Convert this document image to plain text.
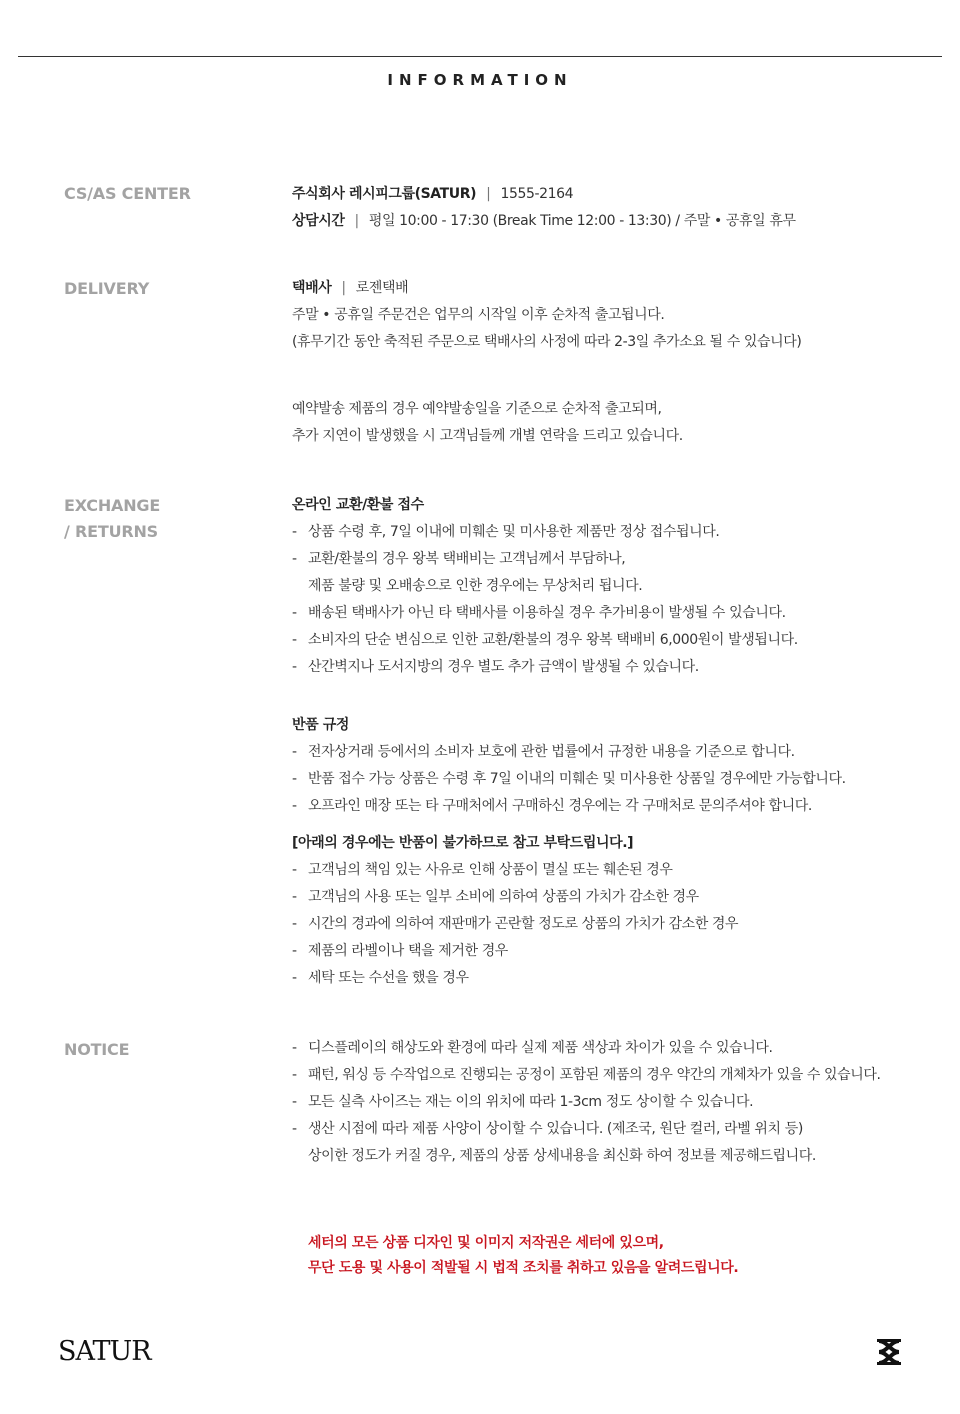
INFORMATION
CS/AS CENTER	주식회사 레시피그룹(SATUR) | 1555-2164
상담시간 | 평일 10:00 - 17:30 (Break Time 12:00 - 13:30) / 주말 • 공휴일 휴무
DELIVERY	택배사 | 로젠택배
주말 • 공휴일 주문건은 업무의 시작일 이후 순차적 출고됩니다.
(휴무기간 동안 축적된 주문으로 택배사의 사정에 따라 2-3일 추가소요 될 수 있습니다)
예약발송 제품의 경우 예약발송일을 기준으로 순차적 출고되며,
추가 지연이 발생했을 시 고객님들께 개별 연락을 드리고 있습니다.
EXCHANGE
/ RETURNS
온라인 교환/환불 접수
- 상품 수령 후, 7일 이내에 미훼손 및 미사용한 제품만 정상 접수됩니다.
- 교환/환불의 경우 왕복 택배비는 고객님께서 부담하나,
제품 불량 및 오배송으로 인한 경우에는 무상처리 됩니다.
- 배송된 택배사가 아닌 타 택배사를 이용하실 경우 추가비용이 발생될 수 있습니다.
- 소비자의 단순 변심으로 인한 교환/환불의 경우 왕복 택배비 6,000원이 발생됩니다.
- 산간벽지나 도서지방의 경우 별도 추가 금액이 발생될 수 있습니다.
반품 규정
- 전자상거래 등에서의 소비자 보호에 관한 법률에서 규정한 내용을 기준으로 합니다.
- 반품 접수 가능 상품은 수령 후 7일 이내의 미훼손 및 미사용한 상품일 경우에만 가능합니다.
- 오프라인 매장 또는 타 구매처에서 구매하신 경우에는 각 구매처로 문의주셔야 합니다.
[아래의 경우에는 반품이 불가하므로 참고 부탁드립니다.]
- 고객님의 책임 있는 사유로 인해 상품이 멸실 또는 훼손된 경우
- 고객님의 사용 또는 일부 소비에 의하여 상품의 가치가 감소한 경우
- 시간의 경과에 의하여 재판매가 곤란할 정도로 상품의 가치가 감소한 경우
- 제품의 라벨이나 택을 제거한 경우
- 세탁 또는 수선을 했을 경우
NOTICE	- 디스플레이의 해상도와 환경에 따라 실제 제품 색상과 차이가 있을 수 있습니다.
- 패턴, 워싱 등 수작업으로 진행되는 공정이 포함된 제품의 경우 약간의 개체차가 있을 수 있습니다.
- 모든 실측 사이즈는 재는 이의 위치에 따라 1-3cm 정도 상이할 수 있습니다.
- 생산 시점에 따라 제품 사양이 상이할 수 있습니다. (제조국, 원단 컬러, 라벨 위치 등)
상이한 정도가 커질 경우, 제품의 상품 상세내용을 최신화 하여 정보를 제공해드립니다.
세터의 모든 상품 디자인 및 이미지 저작권은 세터에 있으며,
무단 도용 및 사용이 적발될 시 법적 조치를 취하고 있음을 알려드립니다.
SATUR
